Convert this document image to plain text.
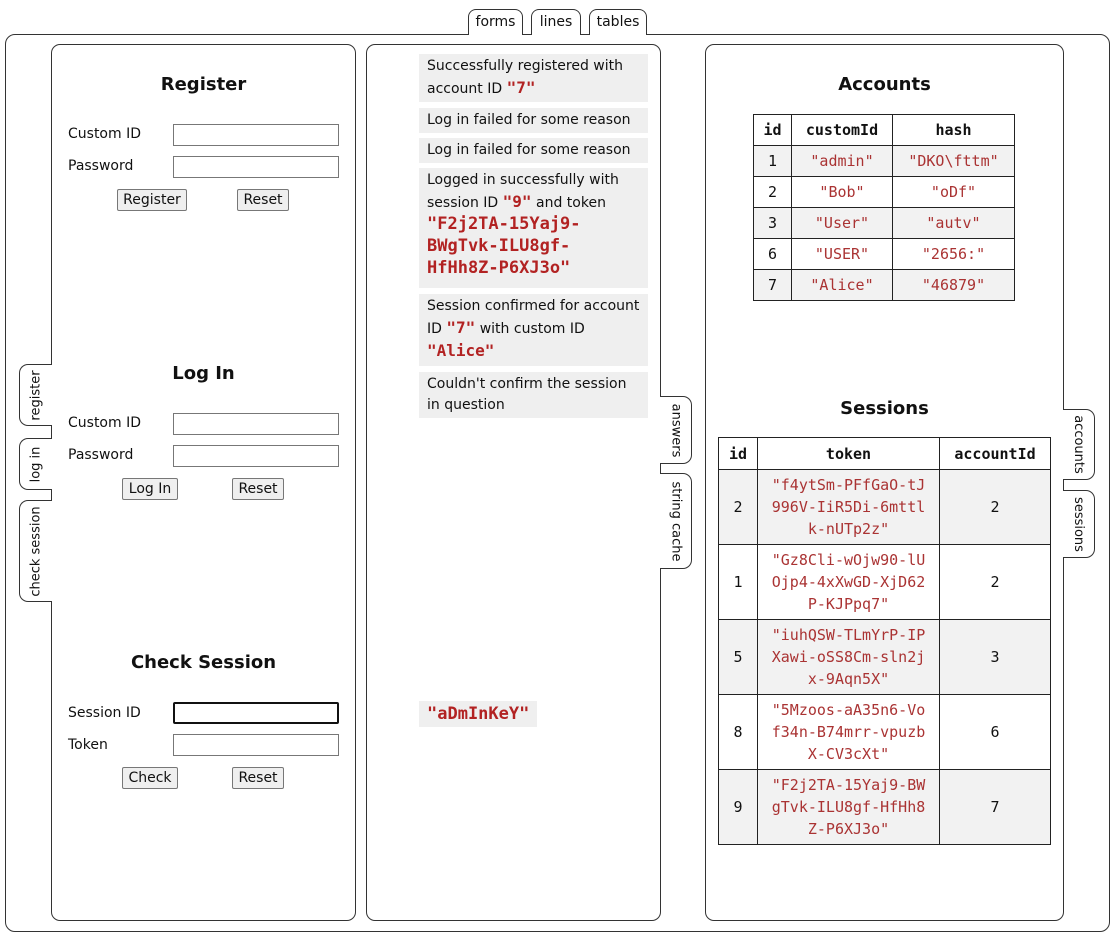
forms	lines	tables
register
log in
check session
Register
Custom ID
Password
Register	Reset
Log In
Custom ID
Password
Log In	Reset
Check Session
Session ID
Token
Check	Reset
Successfully registered with account ID "7"
Log in failed for some reason
Log in failed for some reason
Logged in successfully with session ID "9" and token "F2j2TA-15Yaj9-BWgTvk-ILU8gf-HfHh8Z-P6XJ3o"
Session confirmed for account ID "7" with custom ID "Alice"
Couldn't confirm the session in question
"aDmInKeY"
answers
string cache
Accounts
id	customId	hash
1	"admin"	"DKO\fttm"
2	"Bob"	"oDf"
3	"User"	"autv"
6	"USER"	"2656:"
7	"Alice"	"46879"
Sessions
id	token	accountId
2	"f4ytSm-PFfGaO-tJ996V-IiR5Di-6mttlk-nUTp2z"	2
1	"Gz8Cli-wOjw90-lUOjp4-4xXwGD-XjD62P-KJPpq7"	2
5	"iuhQSW-TLmYrP-IPXawi-oSS8Cm-sln2jx-9Aqn5X"	3
8	"5Mzoos-aA35n6-Vof34n-B74mrr-vpuzbX-CV3cXt"	6
9	"F2j2TA-15Yaj9-BWgTvk-ILU8gf-HfHh8Z-P6XJ3o"	7
accounts
sessions
